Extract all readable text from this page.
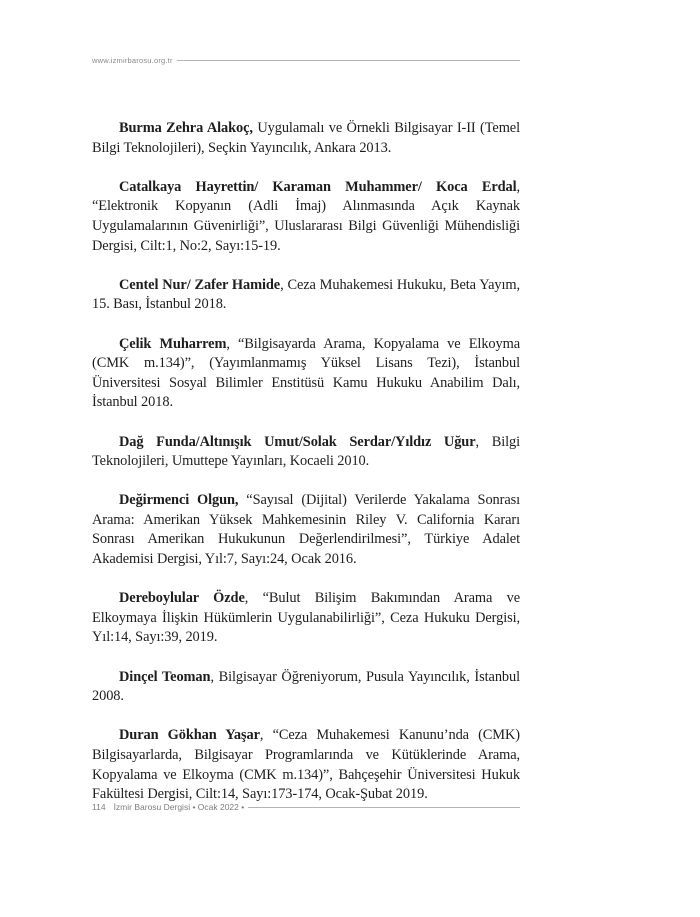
www.izmirbarosu.org.tr

Burma Zehra Alakoç, Uygulamalı ve Örnekli Bilgisayar I-II (Temel Bilgi Teknolojileri), Seçkin Yayıncılık, Ankara 2013.

Catalkaya Hayrettin/ Karaman Muhammer/ Koca Erdal, “Elektronik Kopyanın (Adli İmaj) Alınmasında Açık Kaynak Uygulamalarının Güvenirliği”, Uluslararası Bilgi Güvenliği Mühendisliği Dergisi, Cilt:1, No:2, Sayı:15-19.

Centel Nur/ Zafer Hamide, Ceza Muhakemesi Hukuku, Beta Yayım, 15. Bası, İstanbul 2018.

Çelik Muharrem, “Bilgisayarda Arama, Kopyalama ve Elkoyma (CMK m.134)”, (Yayımlanmamış Yüksel Lisans Tezi), İstanbul Üniversitesi Sosyal Bilimler Enstitüsü Kamu Hukuku Anabilim Dalı, İstanbul 2018.

Dağ Funda/Altınışık Umut/Solak Serdar/Yıldız Uğur, Bilgi Teknolojileri, Umuttepe Yayınları, Kocaeli 2010.

Değirmenci Olgun, “Sayısal (Dijital) Verilerde Yakalama Sonrası Arama: Amerikan Yüksek Mahkemesinin Riley V. California Kararı Sonrası Amerikan Hukukunun Değerlendirilmesi”, Türkiye Adalet Akademisi Dergisi, Yıl:7, Sayı:24, Ocak 2016.

Dereboylular Özde, “Bulut Bilişim Bakımından Arama ve Elkoymaya İlişkin Hükümlerin Uygulanabilirliği”, Ceza Hukuku Dergisi, Yıl:14, Sayı:39, 2019.

Dinçel Teoman, Bilgisayar Öğreniyorum, Pusula Yayıncılık, İstanbul 2008.

Duran Gökhan Yaşar, “Ceza Muhakemesi Kanunu’nda (CMK) Bilgisayarlarda, Bilgisayar Programlarında ve Kütüklerinde Arama, Kopyalama ve Elkoyma (CMK m.134)”, Bahçeşehir Üniversitesi Hukuk Fakültesi Dergisi, Cilt:14, Sayı:173-174, Ocak-Şubat 2019.

114 İzmir Barosu Dergisi • Ocak 2022 •
